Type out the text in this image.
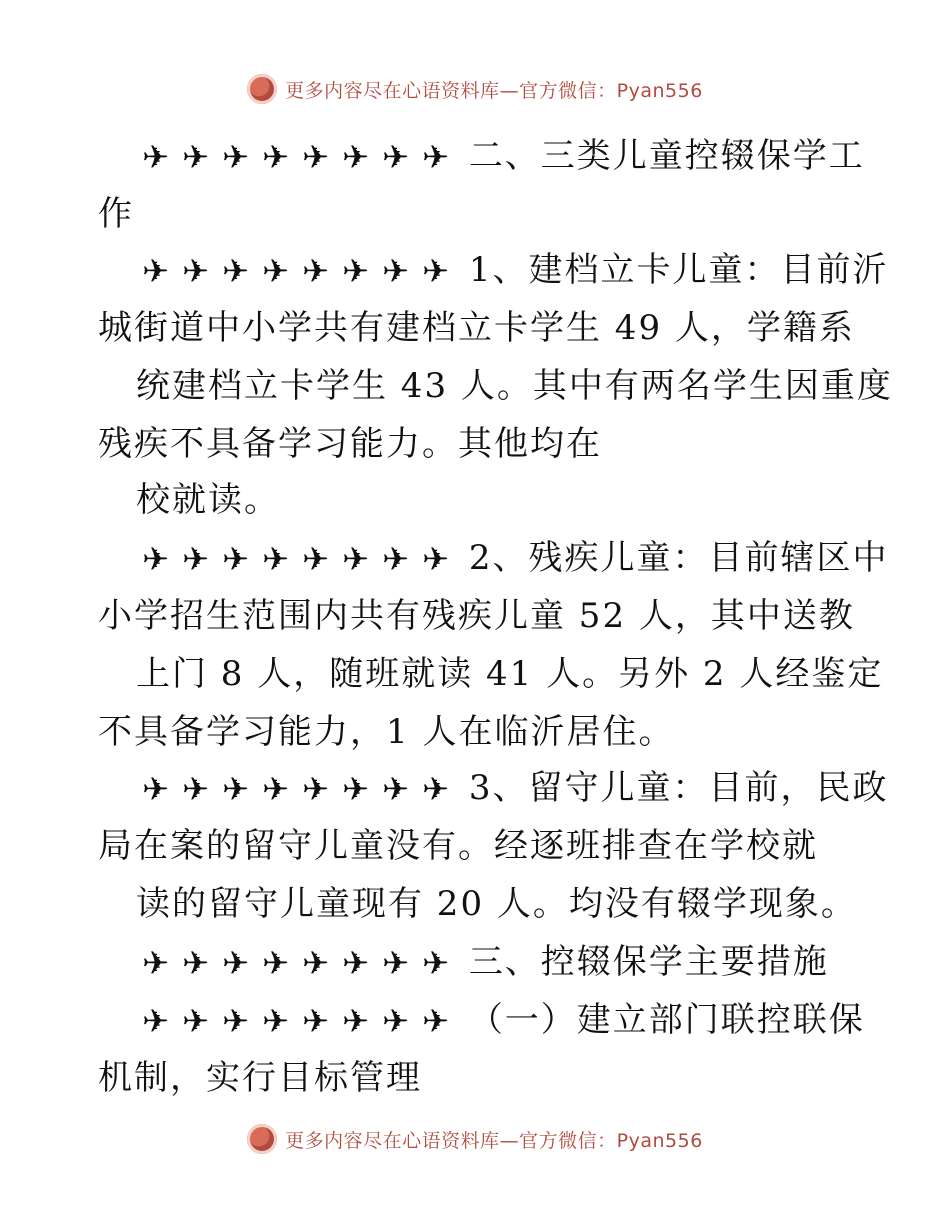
更多内容尽在心语资料库—官方微信：Pyan556
✈ ✈ ✈ ✈ ✈ ✈ ✈ ✈ 二、三类儿童控辍保学工
作
✈ ✈ ✈ ✈ ✈ ✈ ✈ ✈ 1、建档立卡儿童：目前沂
城街道中小学共有建档立卡学生 49 人，学籍系
统建档立卡学生 43 人。其中有两名学生因重度
残疾不具备学习能力。其他均在
校就读。
✈ ✈ ✈ ✈ ✈ ✈ ✈ ✈ 2、残疾儿童：目前辖区中
小学招生范围内共有残疾儿童 52 人，其中送教
上门 8 人，随班就读 41 人。另外 2 人经鉴定
不具备学习能力，1 人在临沂居住。
✈ ✈ ✈ ✈ ✈ ✈ ✈ ✈ 3、留守儿童：目前，民政
局在案的留守儿童没有。经逐班排查在学校就
读的留守儿童现有 20 人。均没有辍学现象。
✈ ✈ ✈ ✈ ✈ ✈ ✈ ✈ 三、控辍保学主要措施
✈ ✈ ✈ ✈ ✈ ✈ ✈ ✈ （一）建立部门联控联保
机制，实行目标管理
更多内容尽在心语资料库—官方微信：Pyan556
